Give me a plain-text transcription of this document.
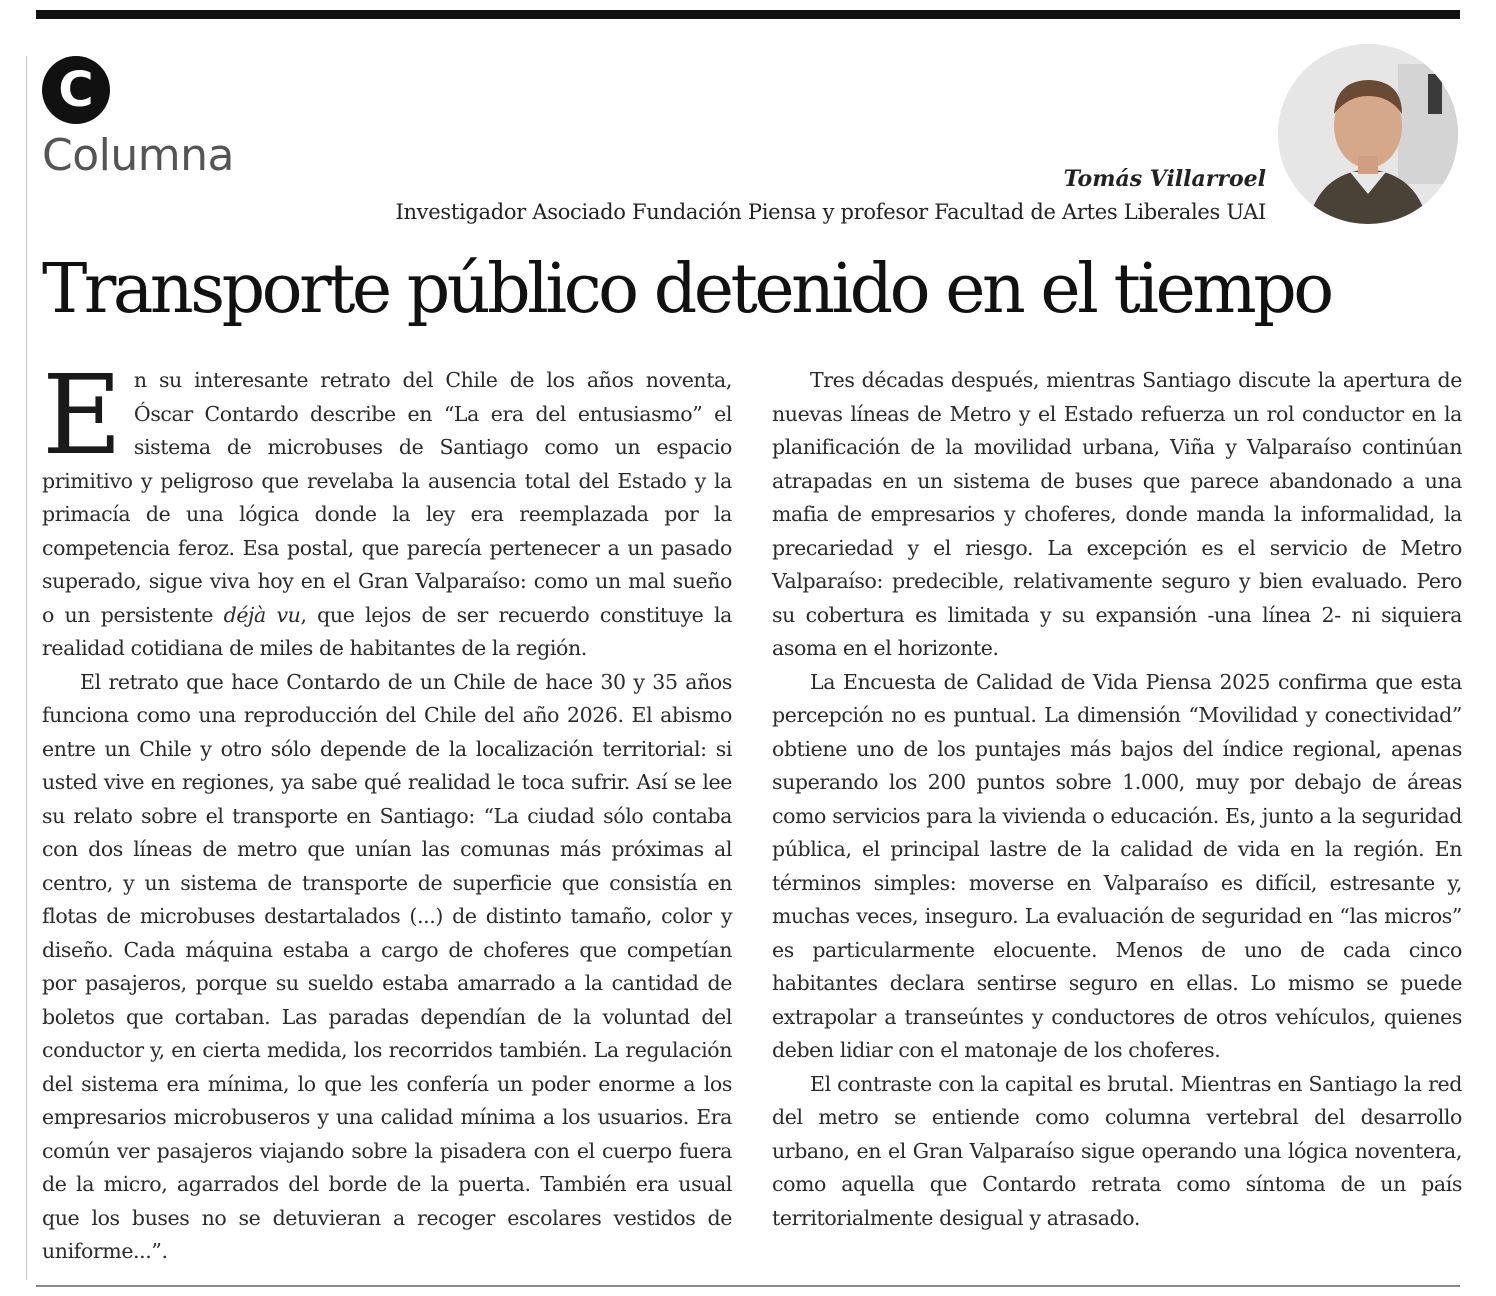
C
Columna	Tomás Villarroel
Investigador Asociado Fundación Piensa y profesor Facultad de Artes Liberales UAI
Transporte público detenido en el tiempo

En su interesante retrato del Chile de los años noventa, Óscar Contardo describe en “La era del entusiasmo” el sistema de microbuses de Santiago como un espacio primitivo y peligroso que revelaba la ausencia total del Estado y la primacía de una lógica donde la ley era reemplazada por la competencia feroz. Esa postal, que parecía pertenecer a un pasado superado, sigue viva hoy en el Gran Valparaíso: como un mal sueño o un persistente déjà vu, que lejos de ser recuerdo constituye la realidad cotidiana de miles de habitantes de la región.

El retrato que hace Contardo de un Chile de hace 30 y 35 años funciona como una reproducción del Chile del año 2026. El abismo entre un Chile y otro sólo depende de la localización territorial: si usted vive en regiones, ya sabe qué realidad le toca sufrir. Así se lee su relato sobre el transporte en Santiago: “La ciudad sólo contaba con dos líneas de metro que unían las comunas más próximas al centro, y un sistema de transporte de superficie que consistía en flotas de microbuses destartalados (...) de distinto tamaño, color y diseño. Cada máquina estaba a cargo de choferes que competían por pasajeros, porque su sueldo estaba amarrado a la cantidad de boletos que cortaban. Las paradas dependían de la voluntad del conductor y, en cierta medida, los recorridos también. La regulación del sistema era mínima, lo que les confería un poder enorme a los empresarios microbuseros y una calidad mínima a los usuarios. Era común ver pasajeros viajando sobre la pisadera con el cuerpo fuera de la micro, agarrados del borde de la puerta. También era usual que los buses no se detuvieran a recoger escolares vestidos de uniforme...”.

Tres décadas después, mientras Santiago discute la apertura de nuevas líneas de Metro y el Estado refuerza un rol conductor en la planificación de la movilidad urbana, Viña y Valparaíso continúan atrapadas en un sistema de buses que parece abandonado a una mafia de empresarios y choferes, donde manda la informalidad, la precariedad y el riesgo. La excepción es el servicio de Metro Valparaíso: predecible, relativamente seguro y bien evaluado. Pero su cobertura es limitada y su expansión -una línea 2- ni siquiera asoma en el horizonte.

La Encuesta de Calidad de Vida Piensa 2025 confirma que esta percepción no es puntual. La dimensión “Movilidad y conectividad” obtiene uno de los puntajes más bajos del índice regional, apenas superando los 200 puntos sobre 1.000, muy por debajo de áreas como servicios para la vivienda o educación. Es, junto a la seguridad pública, el principal lastre de la calidad de vida en la región. En términos simples: moverse en Valparaíso es difícil, estresante y, muchas veces, inseguro. La evaluación de seguridad en “las micros” es particularmente elocuente. Menos de uno de cada cinco habitantes declara sentirse seguro en ellas. Lo mismo se puede extrapolar a transeúntes y conductores de otros vehículos, quienes deben lidiar con el matonaje de los choferes.

El contraste con la capital es brutal. Mientras en Santiago la red del metro se entiende como columna vertebral del desarrollo urbano, en el Gran Valparaíso sigue operando una lógica noventera, como aquella que Contardo retrata como síntoma de un país territorialmente desigual y atrasado.
